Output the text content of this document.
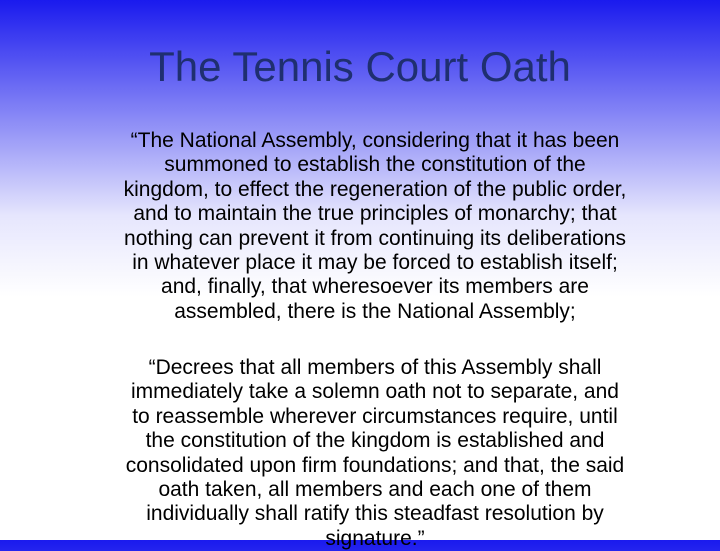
The Tennis Court Oath

“The National Assembly, considering that it has been
summoned to establish the constitution of the
kingdom, to effect the regeneration of the public order,
and to maintain the true principles of monarchy; that
nothing can prevent it from continuing its deliberations
in whatever place it may be forced to establish itself;
and, finally, that wheresoever its members are
assembled, there is the National Assembly;

“Decrees that all members of this Assembly shall
immediately take a solemn oath not to separate, and
to reassemble wherever circumstances require, until
the constitution of the kingdom is established and
consolidated upon firm foundations; and that, the said
oath taken, all members and each one of them
individually shall ratify this steadfast resolution by
signature.”
